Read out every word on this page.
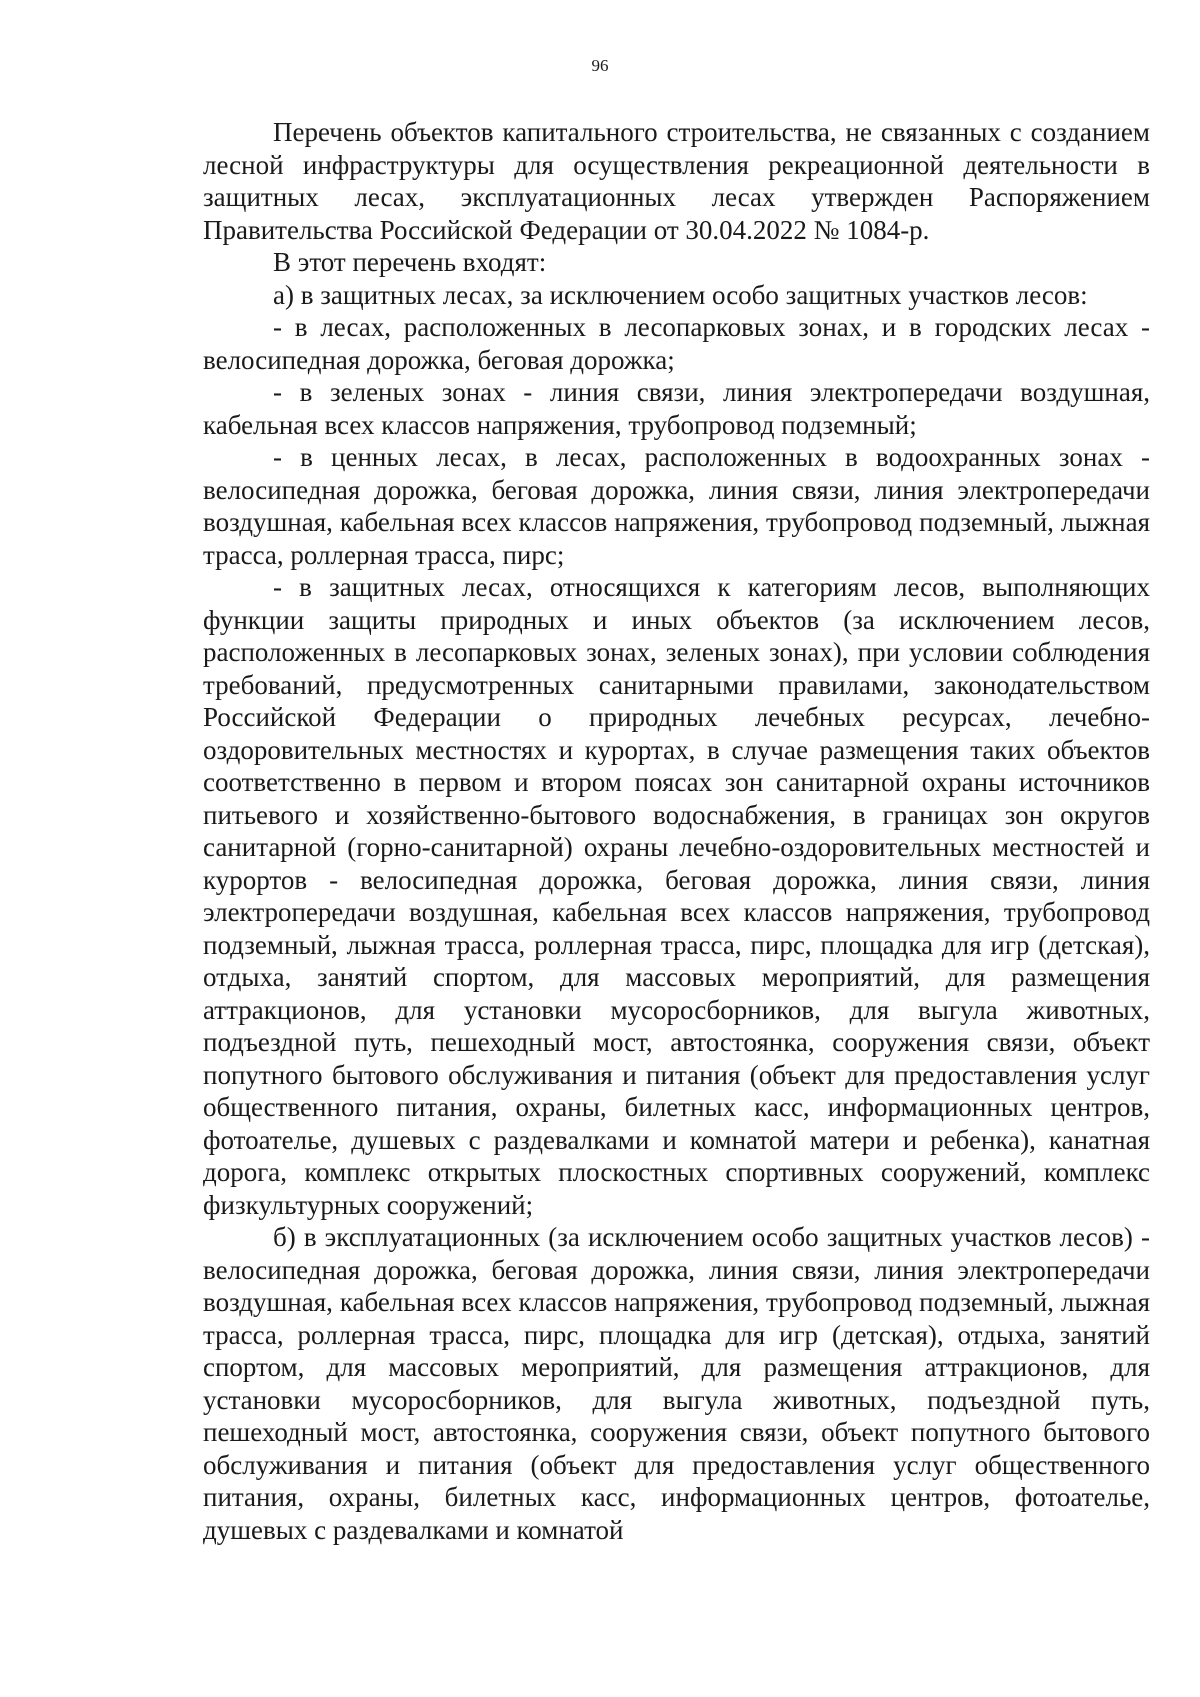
96

Перечень объектов капитального строительства, не связанных с созданием лесной инфраструктуры для осуществления рекреационной деятельности в защитных лесах, эксплуатационных лесах утвержден Распоряжением Правительства Российской Федерации от 30.04.2022 № 1084-р.

В этот перечень входят:

а) в защитных лесах, за исключением особо защитных участков лесов:

- в лесах, расположенных в лесопарковых зонах, и в городских лесах - велосипедная дорожка, беговая дорожка;

- в зеленых зонах - линия связи, линия электропередачи воздушная, кабельная всех классов напряжения, трубопровод подземный;

- в ценных лесах, в лесах, расположенных в водоохранных зонах - велосипедная дорожка, беговая дорожка, линия связи, линия электропередачи воздушная, кабельная всех классов напряжения, трубопровод подземный, лыжная трасса, роллерная трасса, пирс;

- в защитных лесах, относящихся к категориям лесов, выполняющих функции защиты природных и иных объектов (за исключением лесов, расположенных в лесопарковых зонах, зеленых зонах), при условии соблюдения требований, предусмотренных санитарными правилами, законодательством Российской Федерации о природных лечебных ресурсах, лечебно-оздоровительных местностях и курортах, в случае размещения таких объектов соответственно в первом и втором поясах зон санитарной охраны источников питьевого и хозяйственно-бытового водоснабжения, в границах зон округов санитарной (горно-санитарной) охраны лечебно-оздоровительных местностей и курортов - велосипедная дорожка, беговая дорожка, линия связи, линия электропередачи воздушная, кабельная всех классов напряжения, трубопровод подземный, лыжная трасса, роллерная трасса, пирс, площадка для игр (детская), отдыха, занятий спортом, для массовых мероприятий, для размещения аттракционов, для установки мусоросборников, для выгула животных, подъездной путь, пешеходный мост, автостоянка, сооружения связи, объект попутного бытового обслуживания и питания (объект для предоставления услуг общественного питания, охраны, билетных касс, информационных центров, фотоателье, душевых с раздевалками и комнатой матери и ребенка), канатная дорога, комплекс открытых плоскостных спортивных сооружений, комплекс физкультурных сооружений;

б) в эксплуатационных (за исключением особо защитных участков лесов) - велосипедная дорожка, беговая дорожка, линия связи, линия электропередачи воздушная, кабельная всех классов напряжения, трубопровод подземный, лыжная трасса, роллерная трасса, пирс, площадка для игр (детская), отдыха, занятий спортом, для массовых мероприятий, для размещения аттракционов, для установки мусоросборников, для выгула животных, подъездной путь, пешеходный мост, автостоянка, сооружения связи, объект попутного бытового обслуживания и питания (объект для предоставления услуг общественного питания, охраны, билетных касс, информационных центров, фотоателье, душевых с раздевалками и комнатой
